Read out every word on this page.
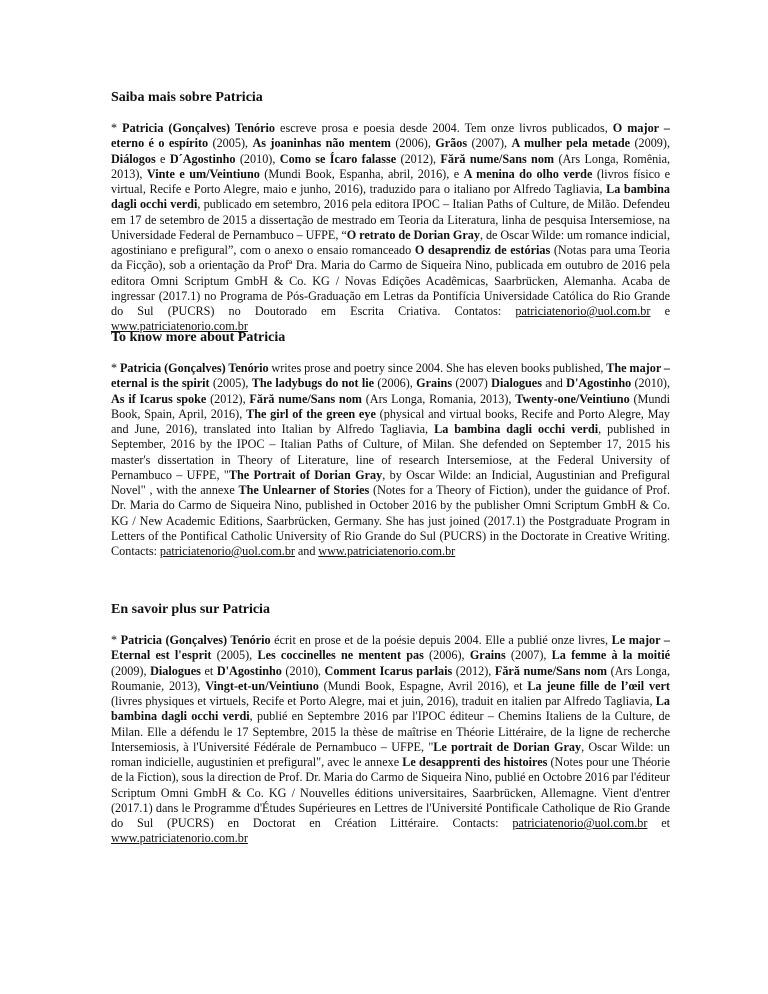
Saiba mais sobre Patricia

* Patricia (Gonçalves) Tenório escreve prosa e poesia desde 2004. Tem onze livros publicados, O major – eterno é o espírito (2005), As joaninhas não mentem (2006), Grãos (2007), A mulher pela metade (2009), Diálogos e D´Agostinho (2010), Como se Ícaro falasse (2012), Fără nume/Sans nom (Ars Longa, Romênia, 2013), Vinte e um/Veintiuno (Mundi Book, Espanha, abril, 2016), e A menina do olho verde (livros físico e virtual, Recife e Porto Alegre, maio e junho, 2016), traduzido para o italiano por Alfredo Tagliavia, La bambina dagli occhi verdi, publicado em setembro, 2016 pela editora IPOC – Italian Paths of Culture, de Milão. Defendeu em 17 de setembro de 2015 a dissertação de mestrado em Teoria da Literatura, linha de pesquisa Intersemiose, na Universidade Federal de Pernambuco – UFPE, “O retrato de Dorian Gray, de Oscar Wilde: um romance indicial, agostiniano e prefigural”, com o anexo o ensaio romanceado O desaprendiz de estórias (Notas para uma Teoria da Ficção), sob a orientação da Profª Dra. Maria do Carmo de Siqueira Nino, publicada em outubro de 2016 pela editora Omni Scriptum GmbH & Co. KG / Novas Edições Acadêmicas, Saarbrücken, Alemanha. Acaba de ingressar (2017.1) no Programa de Pós-Graduação em Letras da Pontifícia Universidade Católica do Rio Grande do Sul (PUCRS) no Doutorado em Escrita Criativa. Contatos: patriciatenorio@uol.com.br e www.patriciatenorio.com.br

To know more about Patricia

* Patricia (Gonçalves) Tenório writes prose and poetry since 2004. She has eleven books published, The major – eternal is the spirit (2005), The ladybugs do not lie (2006), Grains (2007) Dialogues and D'Agostinho (2010), As if Icarus spoke (2012), Fără nume/Sans nom (Ars Longa, Romania, 2013), Twenty-one/Veintiuno (Mundi Book, Spain, April, 2016), The girl of the green eye (physical and virtual books, Recife and Porto Alegre, May and June, 2016), translated into Italian by Alfredo Tagliavia, La bambina dagli occhi verdi, published in September, 2016 by the IPOC – Italian Paths of Culture, of Milan. She defended on September 17, 2015 his master's dissertation in Theory of Literature, line of research Intersemiose, at the Federal University of Pernambuco – UFPE, "The Portrait of Dorian Gray, by Oscar Wilde: an Indicial, Augustinian and Prefigural Novel" , with the annexe The Unlearner of Stories (Notes for a Theory of Fiction), under the guidance of Prof. Dr. Maria do Carmo de Siqueira Nino, published in October 2016 by the publisher Omni Scriptum GmbH & Co. KG / New Academic Editions, Saarbrücken, Germany. She has just joined (2017.1) the Postgraduate Program in Letters of the Pontifical Catholic University of Rio Grande do Sul (PUCRS) in the Doctorate in Creative Writing. Contacts: patriciatenorio@uol.com.br and www.patriciatenorio.com.br

En savoir plus sur Patricia

* Patricia (Gonçalves) Tenório écrit en prose et de la poésie depuis 2004. Elle a publié onze livres, Le major – Eternal est l'esprit (2005), Les coccinelles ne mentent pas (2006), Grains (2007), La femme à la moitié (2009), Dialogues et D'Agostinho (2010), Comment Icarus parlais (2012), Fără nume/Sans nom (Ars Longa, Roumanie, 2013), Vingt-et-un/Veintiuno (Mundi Book, Espagne, Avril 2016), et La jeune fille de l’œil vert (livres physiques et virtuels, Recife et Porto Alegre, mai et juin, 2016), traduit en italien par Alfredo Tagliavia, La bambina dagli occhi verdi, publié en Septembre 2016 par l'IPOC éditeur – Chemins Italiens de la Culture, de Milan. Elle a défendu le 17 Septembre, 2015 la thèse de maîtrise en Théorie Littéraire, de la ligne de recherche Intersemiosis, à l'Université Fédérale de Pernambuco – UFPE, "Le portrait de Dorian Gray, Oscar Wilde: un roman indicielle, augustinien et prefigural", avec le annexe Le desapprenti des histoires (Notes pour une Théorie de la Fiction), sous la direction de Prof. Dr. Maria do Carmo de Siqueira Nino, publié en Octobre 2016 par l'éditeur Scriptum Omni GmbH & Co. KG / Nouvelles éditions universitaires, Saarbrücken, Allemagne. Vient d'entrer (2017.1) dans le Programme d'Études Supérieures en Lettres de l'Université Pontificale Catholique de Rio Grande do Sul (PUCRS) en Doctorat en Création Littéraire. Contacts: patriciatenorio@uol.com.br et www.patriciatenorio.com.br
